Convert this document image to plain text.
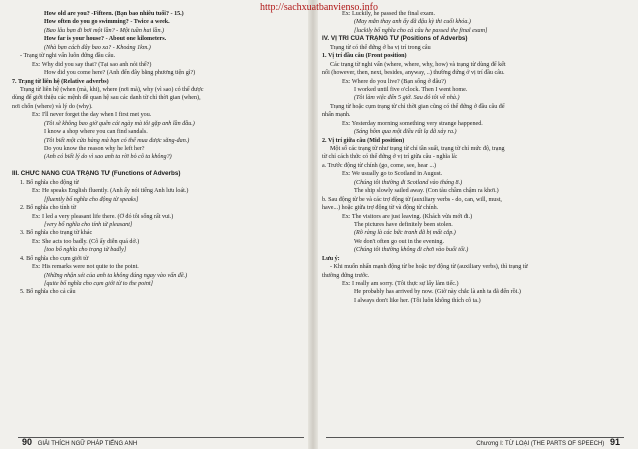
http://sachxuatbanvienso.info
How old are you? -Fifteen. (Bạn bao nhiêu tuổi? - 15.)
How often do you go swimming? - Twice a week.
(Bao lâu bạn đi bơi một lần? - Một tuần hai lần.)
How far is your house? - About one kilometers.
(Nhà bạn cách đây bao xa? - Khoảng 1km.)
- Trạng từ nghi vấn luôn đứng đầu câu.
Ex: Why did you say that? (Tại sao anh nói thế?)
How did you come here? (Anh đến đây bằng phương tiện gì?)
7. Trạng từ liên hệ (Relative adverbs)
Trạng từ liên hệ (when (mà, khi), where (nơi mà), why (vì sao) có thể được
dùng để giới thiệu các mệnh đề quan hệ sau các danh từ chỉ thời gian (when),
nơi chốn (where) và lý do (why).
Ex: I'll never forget the day when I first met you.
(Tôi sẽ không bao giờ quên cái ngày mà tôi gặp anh lần đầu.)
I know a shop where you can find sandals.
(Tôi biết một cửa hàng mà bạn có thể mua được săng-đan.)
Do you know the reason why he left her?
(Anh có biết lý do vì sao anh ta rời bỏ cô ta không?)
III. CHỨC NĂNG CỦA TRẠNG TỪ (Functions of Adverbs)
1. Bổ nghĩa cho động từ
Ex: He speaks English fluently. (Anh ấy nói tiếng Anh lưu loát.)
[fluently bổ nghĩa cho động từ speaks]
2. Bổ nghĩa cho tính từ
Ex: I led a very pleasant life there. (Ở đó tôi sống rất vui.)
[very bổ nghĩa cho tính từ pleasant]
3. Bổ nghĩa cho trạng từ khác
Ex: She acts too badly. (Cô ấy diễn quá dở.)
[too bổ nghĩa cho trạng từ badly]
4. Bổ nghĩa cho cụm giới từ
Ex: His remarks were not quite to the point.
(Những nhận xét của anh ta không đúng ngay vào vấn đề.)
[quite bổ nghĩa cho cụm giới từ to the point]
5. Bổ nghĩa cho cả câu
Ex: Luckily, he passed the final exam.
(May mắn thay anh ấy đã đậu kỳ thi cuối khóa.)
[luckily bổ nghĩa cho cả câu he passed the final exam]
IV. VỊ TRÍ CỦA TRẠNG TỪ (Positions of Adverbs)
Trạng từ có thể đứng ở ba vị trí trong câu
1. Vị trí đầu câu (Front position)
Các trạng từ nghi vấn (where, where, why, how) và trạng từ dùng để kết
nối (however, then, next, besides, anyway, ..) thường đứng ở vị trí đầu câu.
Ex: Where do you live? (Bạn sống ở đâu?)
I worked until five o'clock. Then I went home.
(Tôi làm việc đến 5 giờ. Sau đó tôi về nhà.)
Trạng từ hoặc cụm trạng từ chỉ thời gian cũng có thể đứng ở đầu câu để
nhấn mạnh.
Ex: Yesterday morning something very strange happened.
(Sáng hôm qua một điều rất lạ đã xảy ra.)
2. Vị trí giữa câu (Mid position)
Một số các trạng từ như trạng từ chỉ tần suất, trạng từ chỉ mức độ, trạng
từ chỉ cách thức có thể đứng ở vị trí giữa câu - nghĩa là:
a. Trước động từ chính (go, come, see, hear ...)
Ex: We usually go to Scotland in August.
(Chúng tôi thường đi Scotland vào tháng 8.)
The ship slowly sailed away. (Con tàu chầm chậm ra khơi.)
b. Sau động từ be và các trợ động từ (auxiliary verbs - do, can, will, must,
have...) hoặc giữa trợ động từ và động từ chính.
Ex: The visitors are just leaving. (Khách vừa mới đi.)
The pictures have definitely been stolen.
(Rõ ràng là các bức tranh đã bị mất cắp.)
We don't often go out in the evening.
(Chúng tôi thường không đi chơi vào buổi tối.)
Lưu ý:
- Khi muốn nhấn mạnh động từ be hoặc trợ động từ (auxiliary verbs), thì trạng từ
thường đứng trước.
Ex: I really am sorry. (Tôi thực sự lấy làm tiếc.)
He probably has arrived by now. (Giờ này chắc là anh ta đã đến rồi.)
I always don't like her. (Tôi luôn không thích cô ta.)
90 GIẢI THÍCH NGỮ PHÁP TIẾNG ANH	Chương I: TỪ LOẠI (THE PARTS OF SPEECH) 91
